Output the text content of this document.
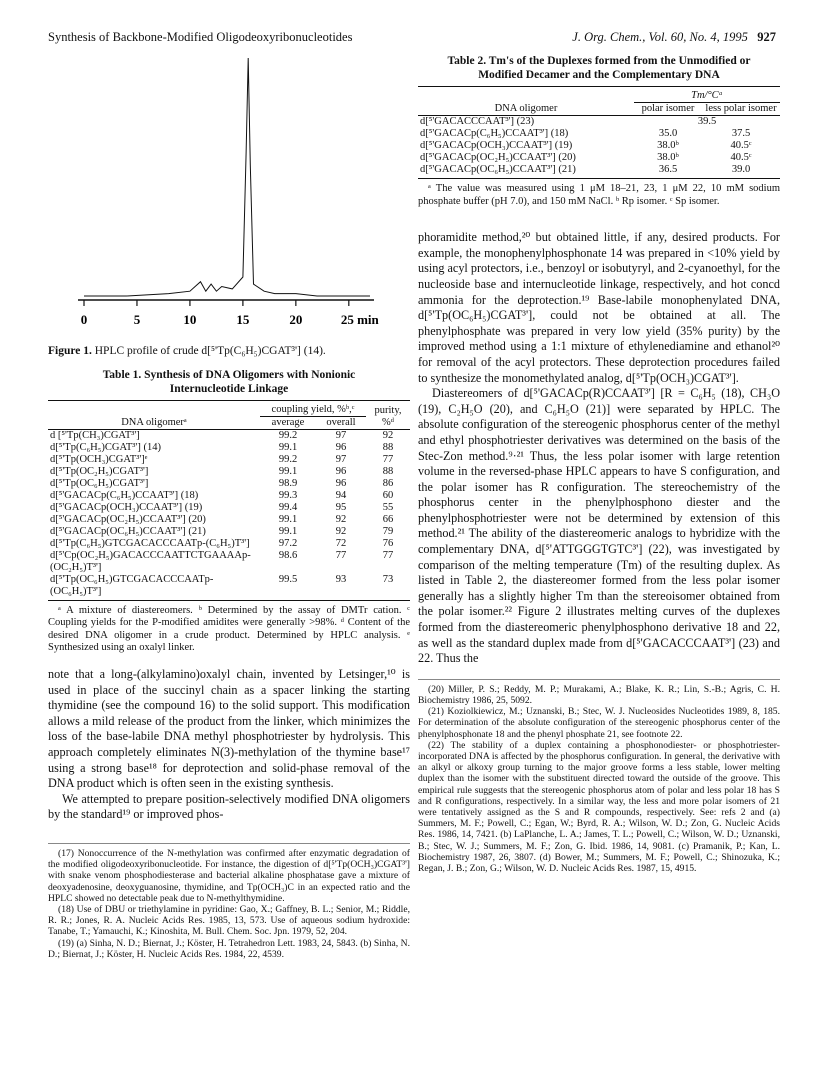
Synthesis of Backbone-Modified Oligodeoxyribonucleotides	J. Org. Chem., Vol. 60, No. 4, 1995 927
0	5	10	15	20	25 min
Figure 1. HPLC profile of crude d[⁵'Tp(C₆H₅)CGAT³'] (14).
Table 1. Synthesis of DNA Oligomers with Nonionic Internucleotide Linkage
DNA oligomerᵃ	coupling yield, %ᵇ,ᶜ		purity, %ᵈ
	average	overall	
d [⁵'Tp(CH₃)CGAT³']	99.2	97	92
d[⁵'Tp(C₆H₅)CGAT³'] (14)	99.1	96	88
d[⁵'Tp(OCH₃)CGAT³']ᵉ	99.2	97	77
d[⁵'Tp(OC₂H₅)CGAT³']	99.1	96	88
d[⁵'Tp(OC₆H₅)CGAT³']	98.9	96	86
d[⁵'GACACp(C₆H₅)CCAAT³'] (18)	99.3	94	60
d[⁵'GACACp(OCH₃)CCAAT³'] (19)	99.4	95	55
d[⁵'GACACp(OC₂H₅)CCAAT³'] (20)	99.1	92	66
d[⁵'GACACp(OC₆H₅)CCAAT³'] (21)	99.1	92	79
d[⁵'Tp(C₆H₅)GTCGACACCCAATp-(C₆H₅)T³']	97.2	72	76
d[⁵'Cp(OC₂H₅)GACACCCAATTCTGAAAAp-(OC₂H₅)T³']	98.6	77	77
d[⁵'Tp(OC₆H₅)GTCGACACCCAATp-(OC₆H₅)T³']	99.5	93	73
ᵃ A mixture of diastereomers. ᵇ Determined by the assay of DMTr cation. ᶜ Coupling yields for the P-modified amidites were generally >98%. ᵈ Content of the desired DNA oligomer in a crude product. Determined by HPLC analysis. ᵉ Synthesized using an oxalyl linker.

note that a long-(alkylamino)oxalyl chain, invented by Letsinger,¹⁰ is used in place of the succinyl chain as a spacer linking the starting thymidine (see the compound 16) to the solid support. This modification allows a mild release of the product from the linker, which minimizes the loss of the base-labile DNA methyl phosphotriester by hydrolysis. This approach completely eliminates N(3)-methylation of the thymine base¹⁷ using a strong base¹⁸ for deprotection and solid-phase removal of the DNA product which is often seen in the existing synthesis.

We attempted to prepare position-selectively modified DNA oligomers by the standard¹⁹ or improved phos-

(17) Nonoccurrence of the N-methylation was confirmed after enzymatic degradation of the modified oligodeoxyribonucleotide. For instance, the digestion of d[⁵'Tp(OCH₃)CGAT³'] with snake venom phosphodiesterase and bacterial alkaline phosphatase gave a mixture of deoxyadenosine, deoxyguanosine, thymidine, and Tp(OCH₃)C in an expected ratio and the HPLC showed no detectable peak due to N-methylthymidine.

(18) Use of DBU or triethylamine in pyridine: Gao, X.; Gaffney, B. L.; Senior, M.; Riddle, R. R.; Jones, R. A. Nucleic Acids Res. 1985, 13, 573. Use of aqueous sodium hydroxide: Tanabe, T.; Yamauchi, K.; Kinoshita, M. Bull. Chem. Soc. Jpn. 1979, 52, 204.

(19) (a) Sinha, N. D.; Biernat, J.; Köster, H. Tetrahedron Lett. 1983, 24, 5843. (b) Sinha, N. D.; Biernat, J.; Köster, H. Nucleic Acids Res. 1984, 22, 4539.

Table 2. Tm's of the Duplexes formed from the Unmodified or Modified Decamer and the Complementary DNA
DNA oligomer	Tm/°Cᵃ	
	polar isomer	less polar isomer
d[⁵'GACACCCAAT³'] (23)	39.5	
d[⁵'GACACp(C₆H₅)CCAAT³'] (18)	35.0	37.5
d[⁵'GACACp(OCH₃)CCAAT³'] (19)	38.0ᵇ	40.5ᶜ
d[⁵'GACACp(OC₂H₅)CCAAT³'] (20)	38.0ᵇ	40.5ᶜ
d[⁵'GACACp(OC₆H₅)CCAAT³'] (21)	36.5	39.0
ᵃ The value was measured using 1 μM 18–21, 23, 1 μM 22, 10 mM sodium phosphate buffer (pH 7.0), and 150 mM NaCl. ᵇ Rp isomer. ᶜ Sp isomer.

phoramidite method,²⁰ but obtained little, if any, desired products. For example, the monophenylphosphonate 14 was prepared in <10% yield by using acyl protectors, i.e., benzoyl or isobutyryl, and 2-cyanoethyl, for the nucleoside base and internucleotide linkage, respectively, and hot concd ammonia for the deprotection.¹⁹ Base-labile monophenylated DNA, d[⁵'Tp(OC₆H₅)CGAT³'], could not be obtained at all. The phenylphosphate was prepared in very low yield (35% purity) by the improved method using a 1:1 mixture of ethylenediamine and ethanol²⁰ for removal of the acyl protectors. These deprotection procedures failed to synthesize the monomethylated analog, d[⁵'Tp(OCH₃)CGAT³'].

Diastereomers of d[⁵'GACACp(R)CCAAT³'] [R = C₆H₅ (18), CH₃O (19), C₂H₅O (20), and C₆H₅O (21)] were separated by HPLC. The absolute configuration of the stereogenic phosphorus center of the methyl and ethyl phosphotriester derivatives was determined on the basis of the Stec-Zon method.⁹·²¹ Thus, the less polar isomer with large retention volume in the reversed-phase HPLC appears to have S configuration, and the polar isomer has R configuration. The stereochemistry of the phosphorus center in the phenylphosphono diester and the phenylphosphotriester were not be determined by extension of this method.²¹ The ability of the diastereomeric analogs to hybridize with the complementary DNA, d[⁵'ATTGGGTGTC³'] (22), was investigated by comparison of the melting temperature (Tm) of the resulting duplex. As listed in Table 2, the diastereomer formed from the less polar isomer generally has a slightly higher Tm than the stereoisomer obtained from the polar isomer.²² Figure 2 illustrates melting curves of the duplexes formed from the diastereomeric phenylphosphono derivative 18 and 22, as well as the standard duplex made from d[⁵'GACACCCAAT³'] (23) and 22. Thus the

(20) Miller, P. S.; Reddy, M. P.; Murakami, A.; Blake, K. R.; Lin, S.-B.; Agris, C. H. Biochemistry 1986, 25, 5092.

(21) Koziolkiewicz, M.; Uznanski, B.; Stec, W. J. Nucleosides Nucleotides 1989, 8, 185. For determination of the absolute configuration of the stereogenic phosphorus center of the phenylphosphonate 18 and the phenyl phosphate 21, see footnote 22.

(22) The stability of a duplex containing a phosphonodiester- or phosphotriester-incorporated DNA is affected by the phosphorus configuration. In general, the derivative with an alkyl or alkoxy group turning to the major groove forms a less stable, lower melting duplex than the isomer with the substituent directed toward the outside of the groove. This empirical rule suggests that the stereogenic phosphorus atom of polar and less polar 18 has S and R configurations, respectively. In a similar way, the less and more polar isomers of 21 were tentatively assigned as the S and R compounds, respectively. See: refs 2 and (a) Summers, M. F.; Powell, C.; Egan, W.; Byrd, R. A.; Wilson, W. D.; Zon, G. Nucleic Acids Res. 1986, 14, 7421. (b) LaPlanche, L. A.; James, T. L.; Powell, C.; Wilson, W. D.; Uznanski, B.; Stec, W. J.; Summers, M. F.; Zon, G. Ibid. 1986, 14, 9081. (c) Pramanik, P.; Kan, L. Biochemistry 1987, 26, 3807. (d) Bower, M.; Summers, M. F.; Powell, C.; Shinozuka, K.; Regan, J. B.; Zon, G.; Wilson, W. D. Nucleic Acids Res. 1987, 15, 4915.
